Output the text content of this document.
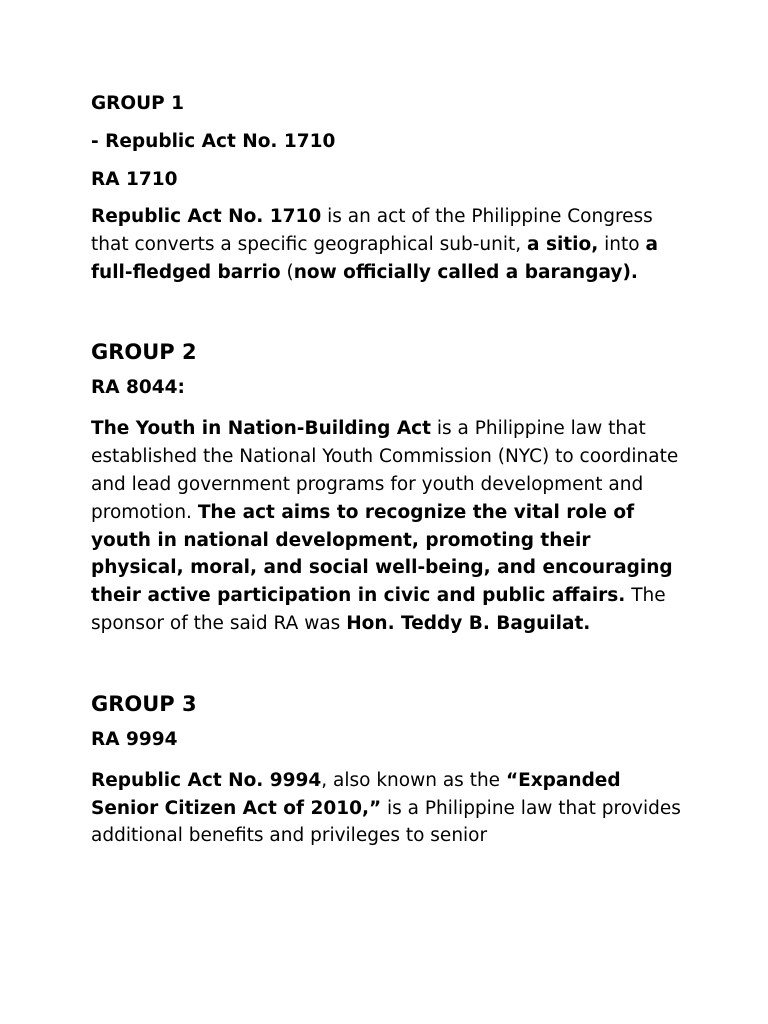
GROUP 1

- Republic Act No. 1710

RA 1710

Republic Act No. 1710 is an act of the Philippine Congress that converts a specific geographical sub-unit, a sitio, into a full-fledged barrio (now officially called a barangay).

GROUP 2

RA 8044:

The Youth in Nation-Building Act is a Philippine law that established the National Youth Commission (NYC) to coordinate and lead government programs for youth development and promotion. The act aims to recognize the vital role of youth in national development, promoting their physical, moral, and social well-being, and encouraging their active participation in civic and public affairs. The sponsor of the said RA was Hon. Teddy B. Baguilat.

GROUP 3

RA 9994

Republic Act No. 9994, also known as the “Expanded Senior Citizen Act of 2010,” is a Philippine law that provides additional benefits and privileges to senior
